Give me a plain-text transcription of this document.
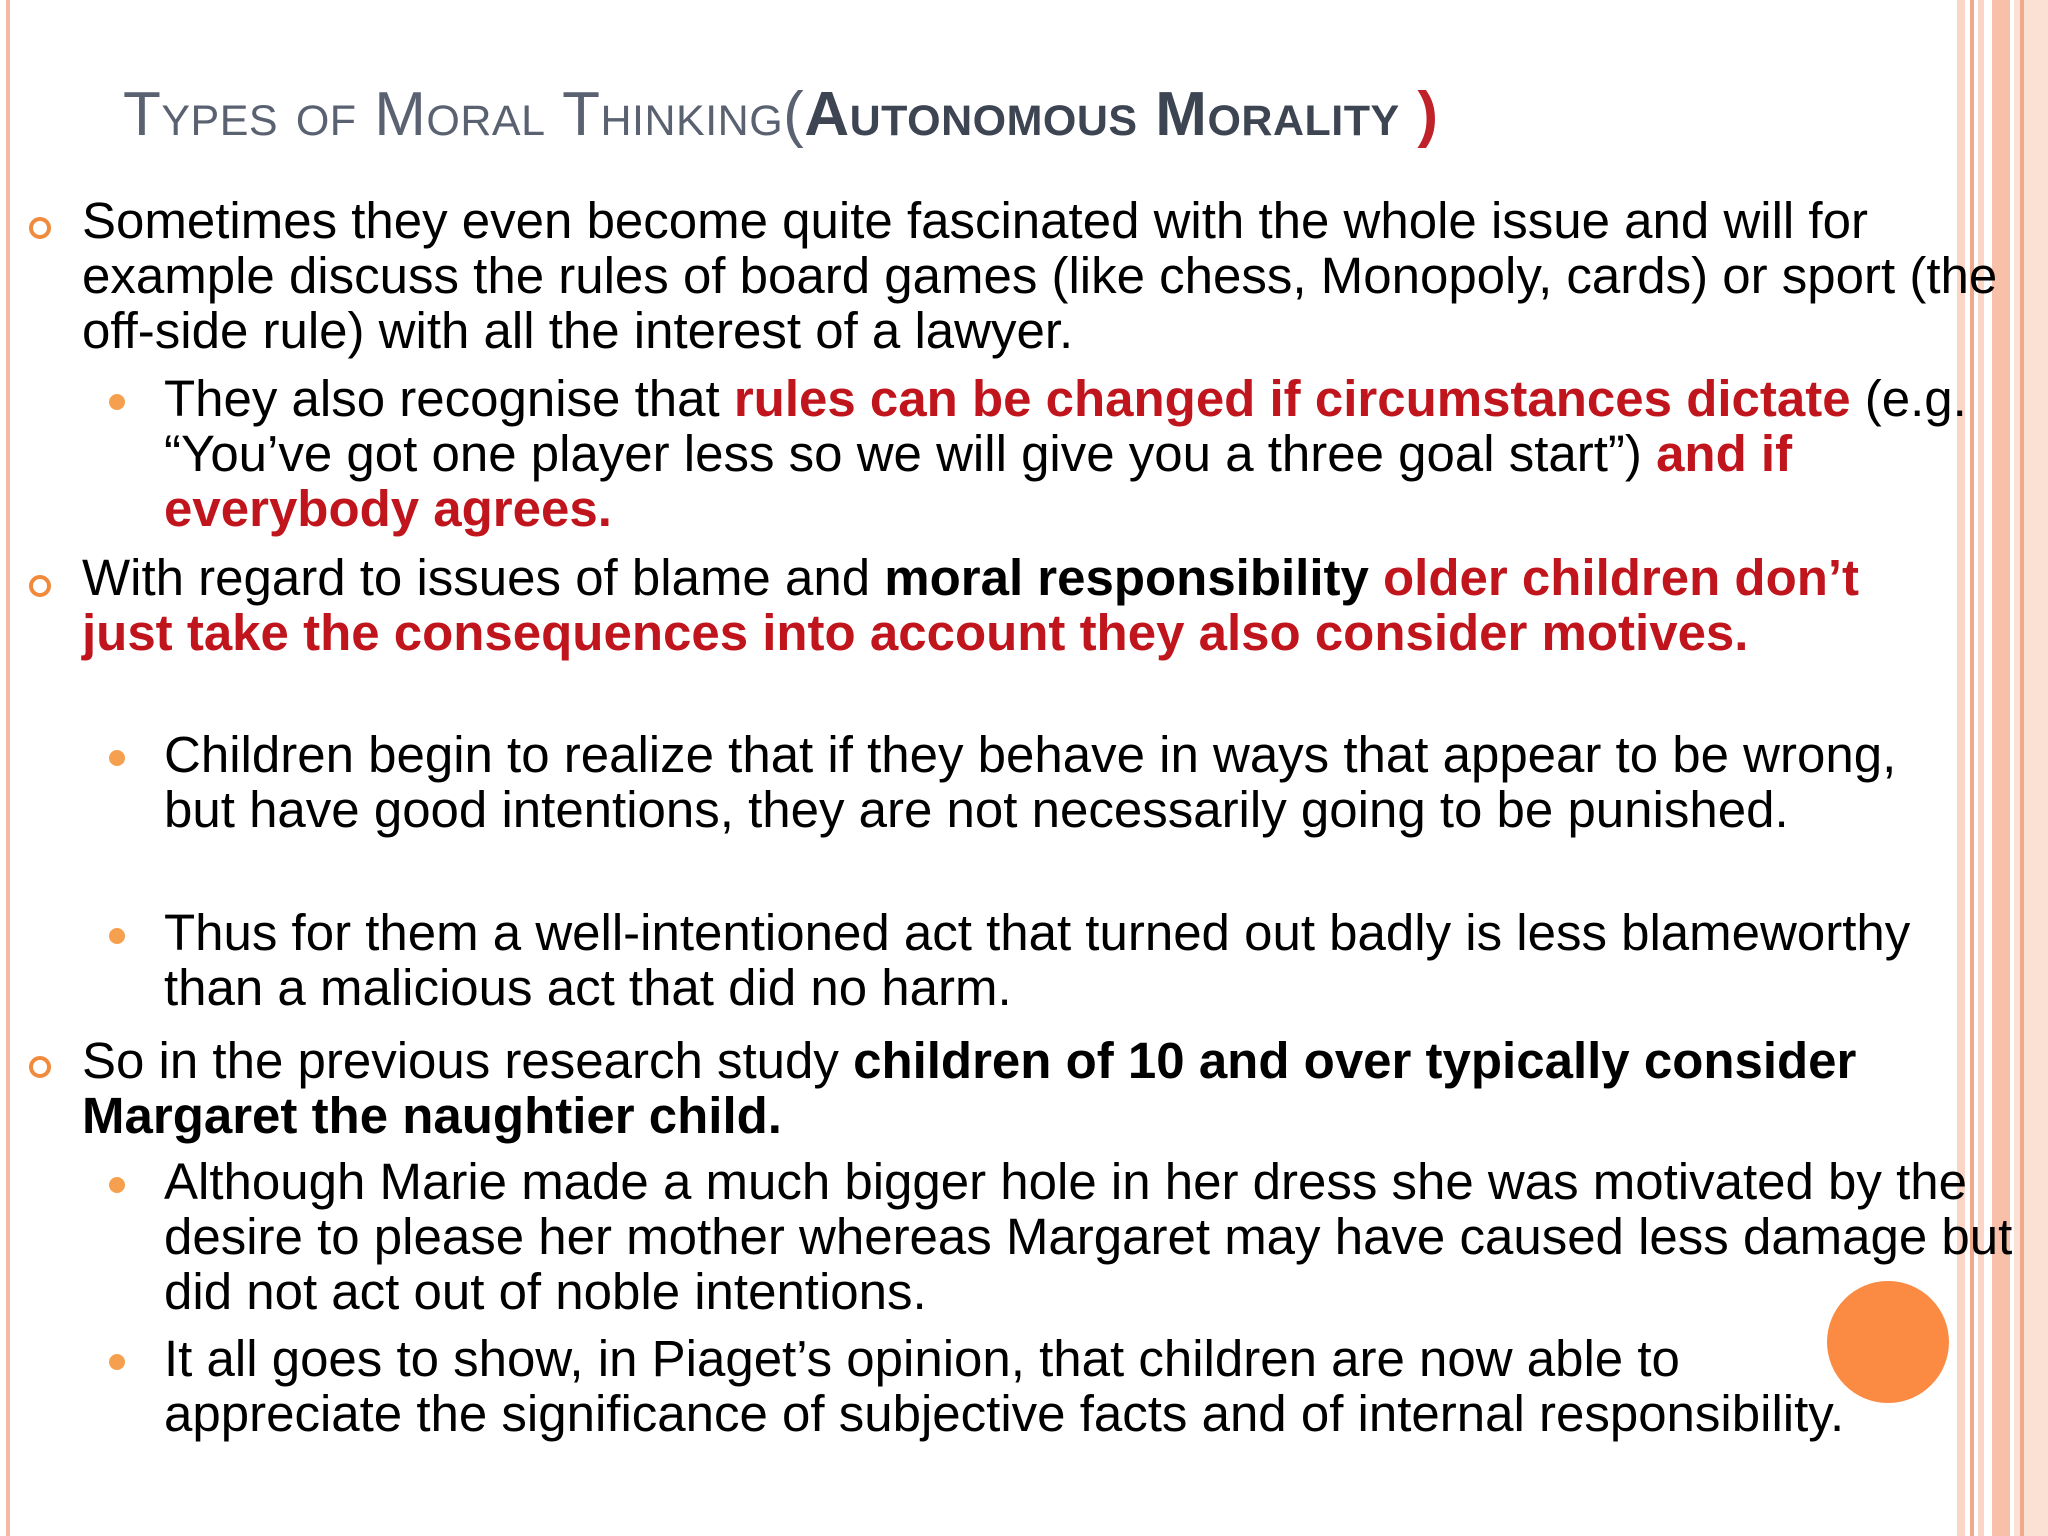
Types of Moral Thinking(Autonomous Morality )
Sometimes they even become quite fascinated with the whole issue and will for example discuss the rules of board games (like chess, Monopoly, cards) or sport (the off-side rule) with all the interest of a lawyer.
They also recognise that rules can be changed if circumstances dictate (e.g. “You’ve got one player less so we will give you a three goal start”) and if everybody agrees.
With regard to issues of blame and moral responsibility older children don’t just take the consequences into account they also consider motives.
Children begin to realize that if they behave in ways that appear to be wrong, but have good intentions, they are not necessarily going to be punished.
Thus for them a well-intentioned act that turned out badly is less blameworthy than a malicious act that did no harm.
So in the previous research study children of 10 and over typically consider Margaret the naughtier child.
Although Marie made a much bigger hole in her dress she was motivated by the desire to please her mother whereas Margaret may have caused less damage but did not act out of noble intentions.
It all goes to show, in Piaget’s opinion, that children are now able to appreciate the significance of subjective facts and of internal responsibility.
